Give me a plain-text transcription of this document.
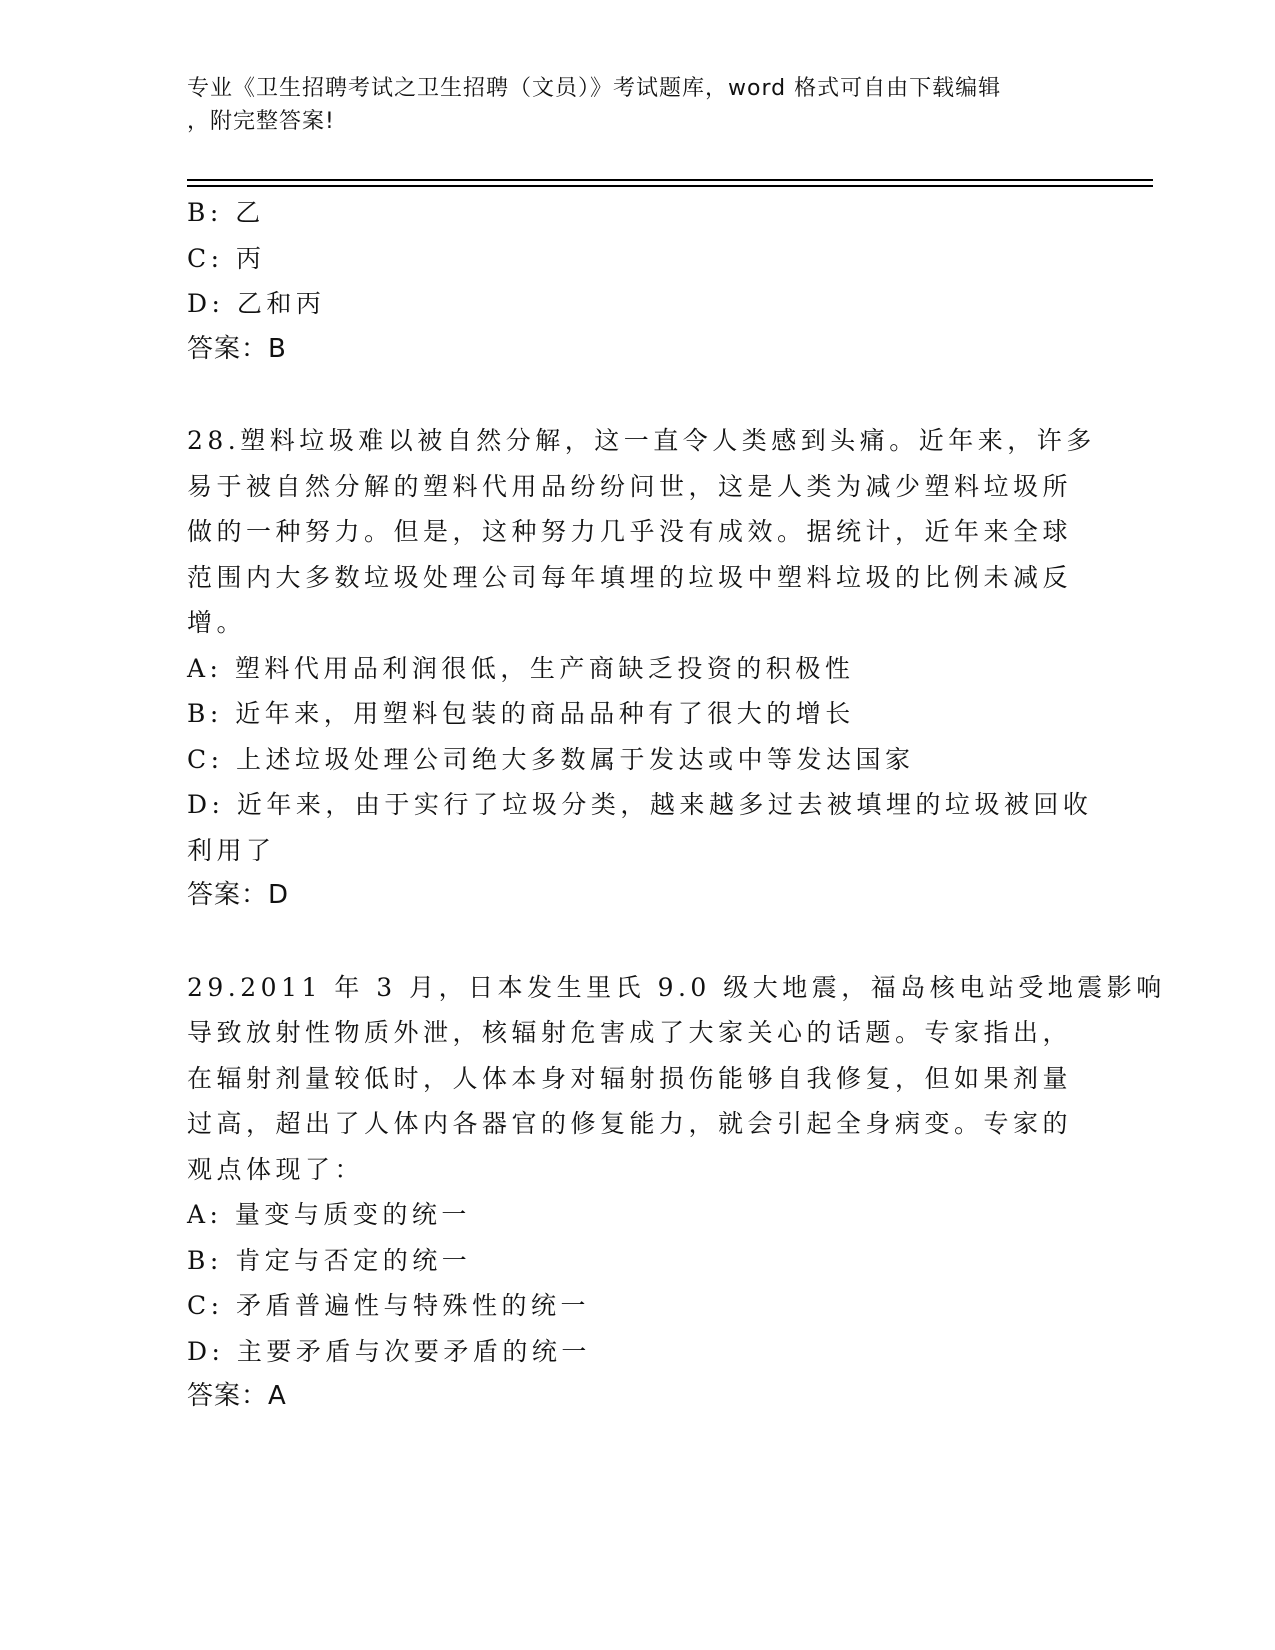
专业《卫生招聘考试之卫生招聘（文员）》考试题库，word 格式可自由下载编辑
，附完整答案!
B: 乙
C: 丙
D: 乙和丙
答案：B
28.塑料垃圾难以被自然分解，这一直令人类感到头痛。近年来，许多
易于被自然分解的塑料代用品纷纷问世，这是人类为减少塑料垃圾所
做的一种努力。但是，这种努力几乎没有成效。据统计，近年来全球
范围内大多数垃圾处理公司每年填埋的垃圾中塑料垃圾的比例未减反
增。
A: 塑料代用品利润很低，生产商缺乏投资的积极性
B: 近年来，用塑料包装的商品品种有了很大的增长
C: 上述垃圾处理公司绝大多数属于发达或中等发达国家
D: 近年来，由于实行了垃圾分类，越来越多过去被填埋的垃圾被回收
利用了
答案：D
29.2011 年 3 月，日本发生里氏 9.0 级大地震，福岛核电站受地震影响
导致放射性物质外泄，核辐射危害成了大家关心的话题。专家指出，
在辐射剂量较低时，人体本身对辐射损伤能够自我修复，但如果剂量
过高，超出了人体内各器官的修复能力，就会引起全身病变。专家的
观点体现了：
A: 量变与质变的统一
B: 肯定与否定的统一
C: 矛盾普遍性与特殊性的统一
D: 主要矛盾与次要矛盾的统一
答案：A
